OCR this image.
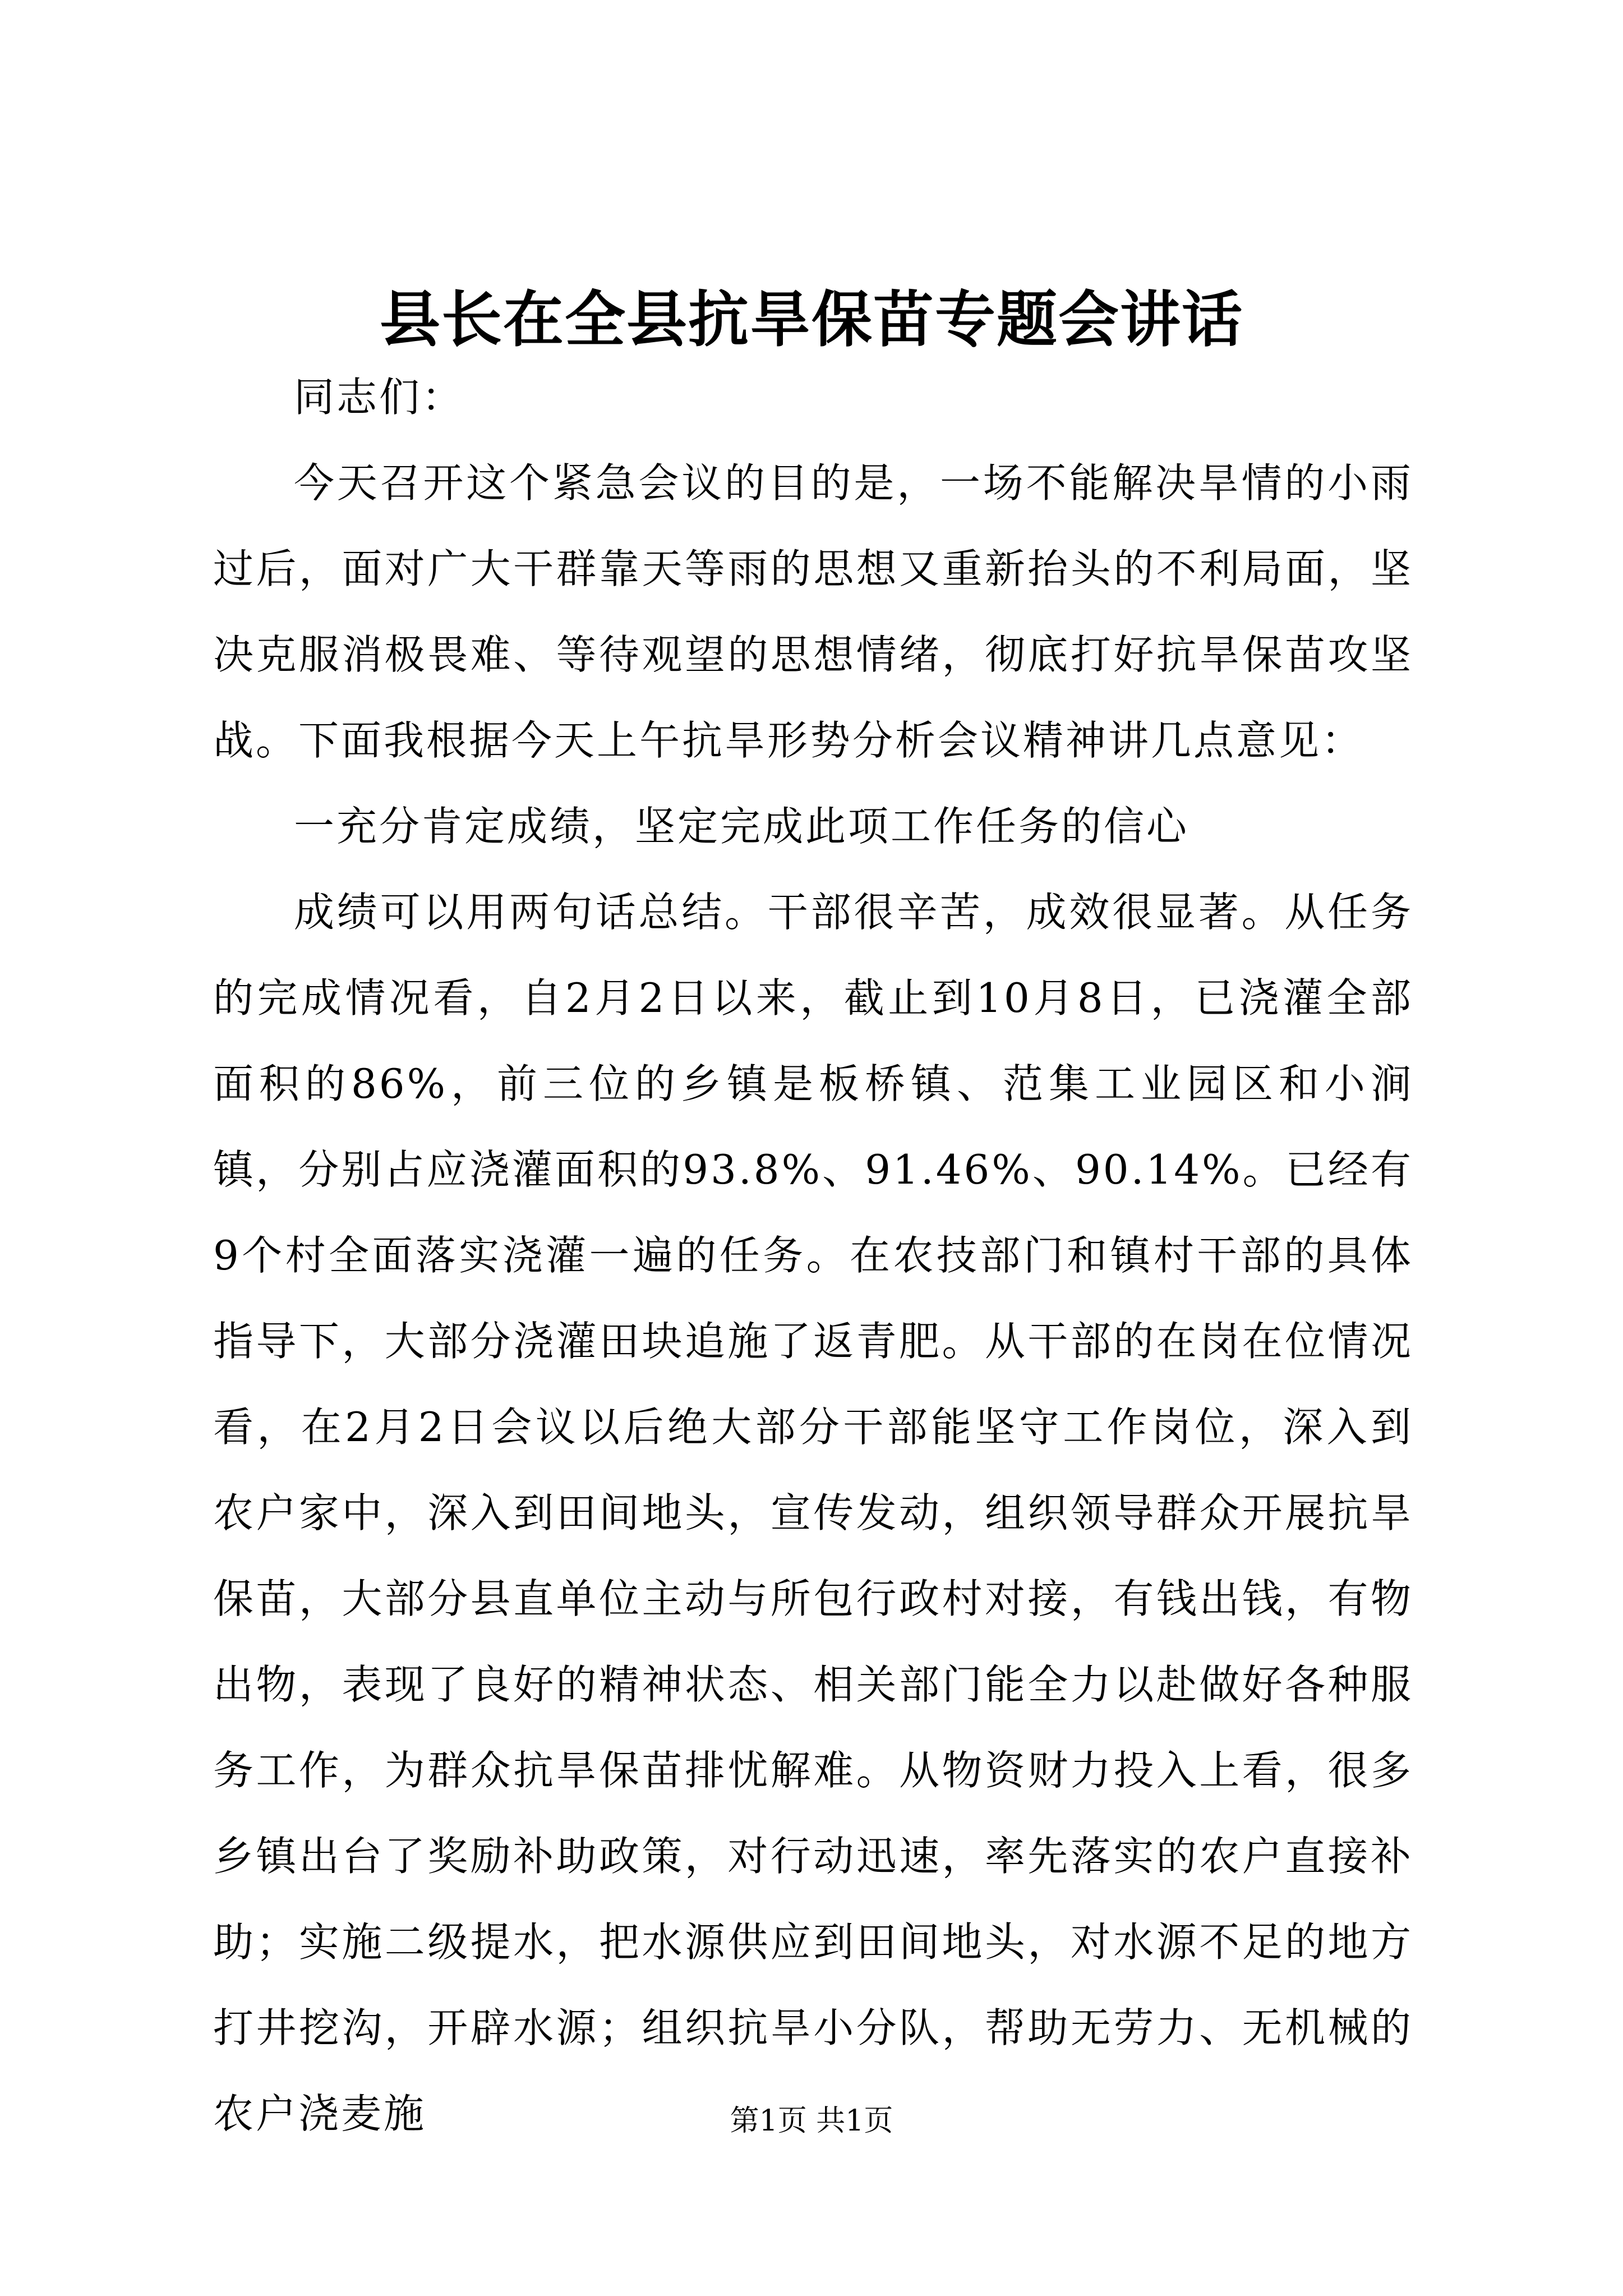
县长在全县抗旱保苗专题会讲话

同志们：

今天召开这个紧急会议的目的是，一场不能解决旱情的小雨过后，面对广大干群靠天等雨的思想又重新抬头的不利局面，坚决克服消极畏难、等待观望的思想情绪，彻底打好抗旱保苗攻坚战。下面我根据今天上午抗旱形势分析会议精神讲几点意见：

一充分肯定成绩，坚定完成此项工作任务的信心

成绩可以用两句话总结。干部很辛苦，成效很显著。从任务的完成情况看，自2月2日以来，截止到10月8日，已浇灌全部面积的86%，前三位的乡镇是板桥镇、范集工业园区和小涧镇，分别占应浇灌面积的93.8%、91.46%、90.14%。已经有9个村全面落实浇灌一遍的任务。在农技部门和镇村干部的具体指导下，大部分浇灌田块追施了返青肥。从干部的在岗在位情况看，在2月2日会议以后绝大部分干部能坚守工作岗位，深入到农户家中，深入到田间地头，宣传发动，组织领导群众开展抗旱保苗，大部分县直单位主动与所包行政村对接，有钱出钱，有物出物，表现了良好的精神状态、相关部门能全力以赴做好各种服务工作，为群众抗旱保苗排忧解难。从物资财力投入上看，很多乡镇出台了奖励补助政策，对行动迅速，率先落实的农户直接补助；实施二级提水，把水源供应到田间地头，对水源不足的地方打井挖沟，开辟水源；组织抗旱小分队，帮助无劳力、无机械的农户浇麦施	第1页 共1页
